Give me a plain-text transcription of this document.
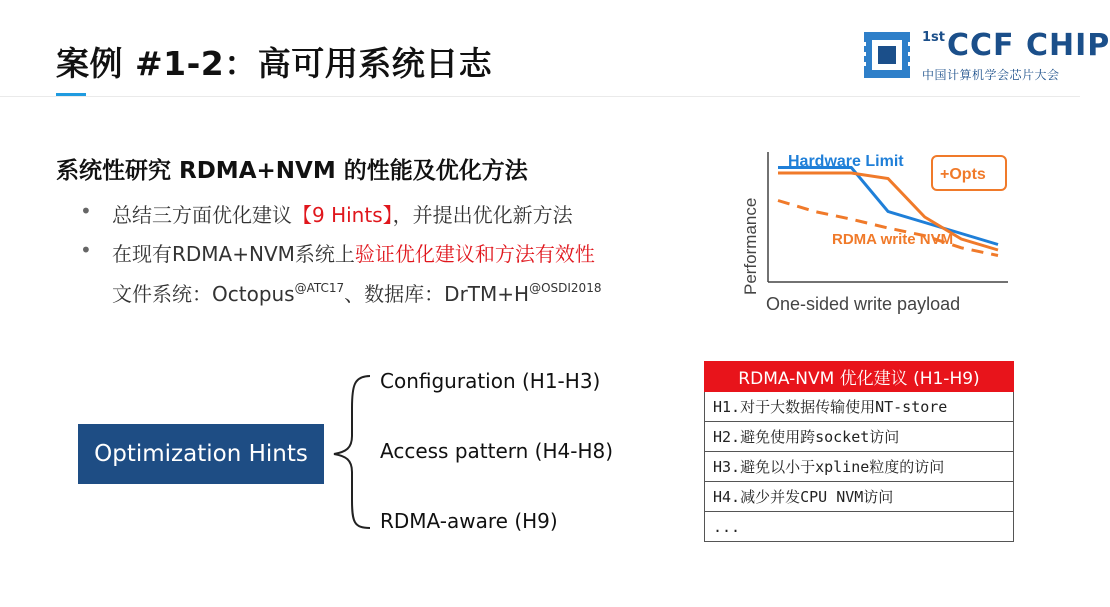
案例 #1-2：高可用系统日志
$^{1st}$CCF CHIP
中国计算机学会芯片大会
系统性研究 RDMA+NVM 的性能及优化方法
• 总结三方面优化建议【9 Hints】，并提出优化新方法
• 在现有RDMA+NVM系统上验证优化建议和方法有效性
文件系统：Octopus$^{@ATC17}$、数据库：$DrTM+H^{@OSDI2018}$	Performance
One-sided write payload
Hardware Limit
+Opts
RDMA write NVM
Optimization Hints
Configuration (H1-H3)
Access pattern (H4-H8)
RDMA-aware (H9)
RDMA-NVM 优化建议 (H1-H9)
H1.对于大数据传输使用NT-store
H2.避免使用跨socket访问
H3.避免以小于xpline粒度的访问
H4.减少并发CPU NVM访问
...
